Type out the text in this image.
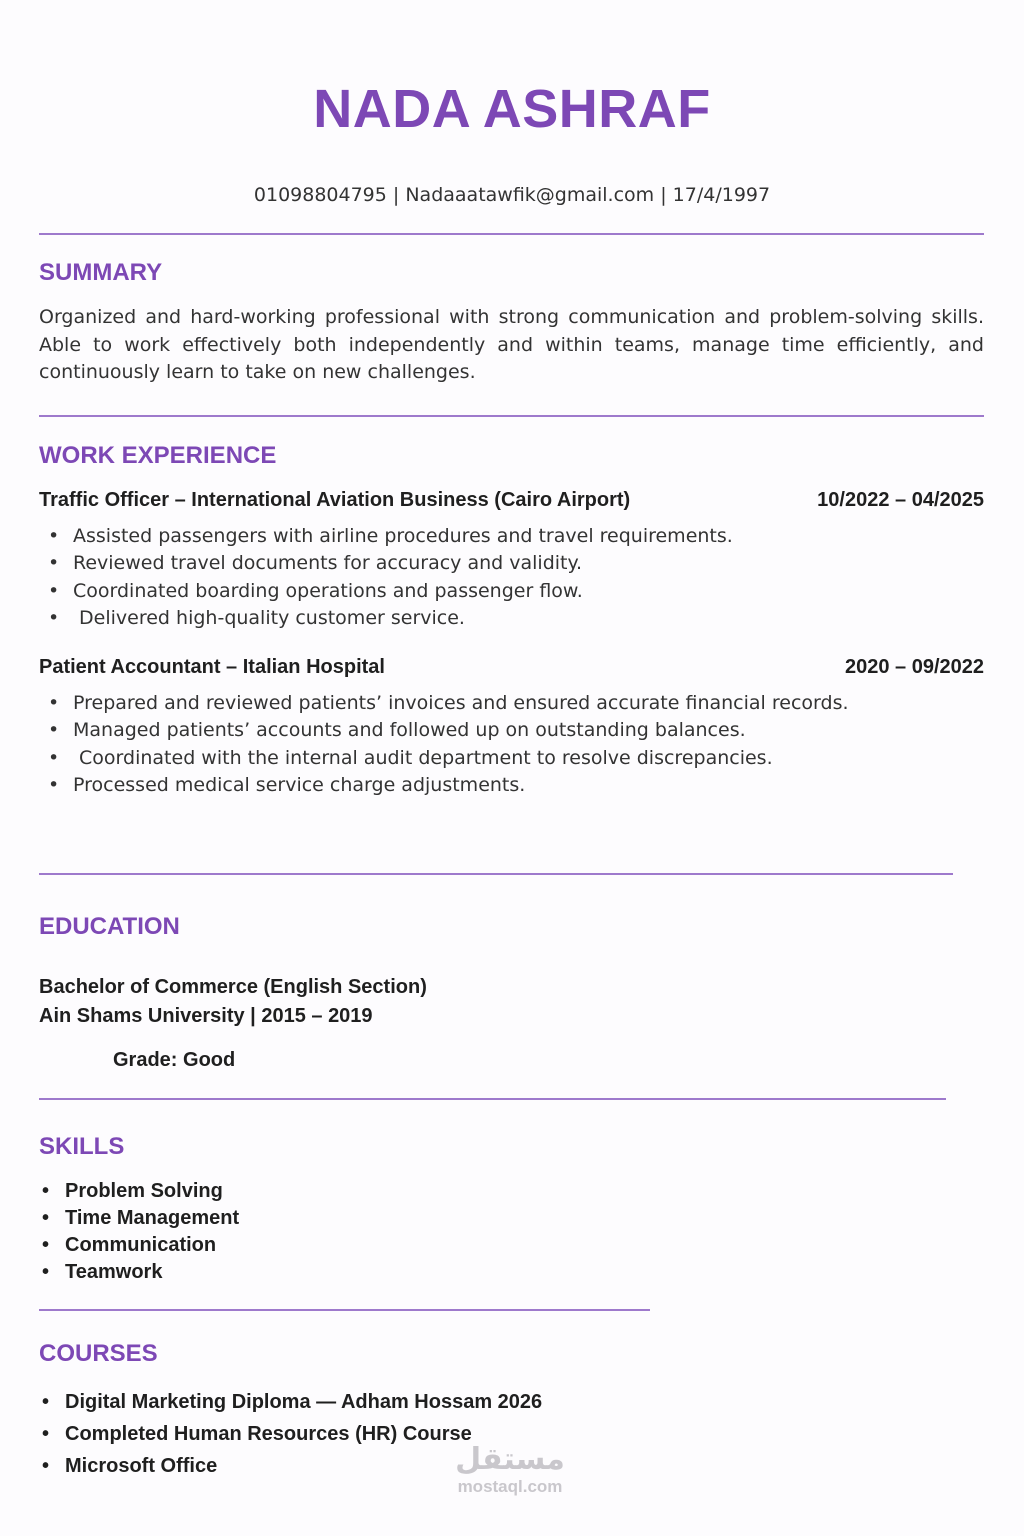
NADA ASHRAF
01098804795 | Nadaaatawfik@gmail.com | 17/4/1997
SUMMARY
Organized and hard-working professional with strong communication and problem-solving skills. Able to work effectively both independently and within teams, manage time efficiently, and continuously learn to take on new challenges.
WORK EXPERIENCE
Traffic Officer – International Aviation Business (Cairo Airport)	10/2022 – 04/2025
• Assisted passengers with airline procedures and travel requirements.
• Reviewed travel documents for accuracy and validity.
• Coordinated boarding operations and passenger flow.
• Delivered high-quality customer service.
Patient Accountant – Italian Hospital	2020 – 09/2022
• Prepared and reviewed patients’ invoices and ensured accurate financial records.
• Managed patients’ accounts and followed up on outstanding balances.
• Coordinated with the internal audit department to resolve discrepancies.
• Processed medical service charge adjustments.
EDUCATION
Bachelor of Commerce (English Section)
Ain Shams University | 2015 – 2019
Grade: Good
SKILLS
• Problem Solving
• Time Management
• Communication
• Teamwork
COURSES
• Digital Marketing Diploma — Adham Hossam 2026
• Completed Human Resources (HR) Course
• Microsoft Office	مستقل
mostaql.com
